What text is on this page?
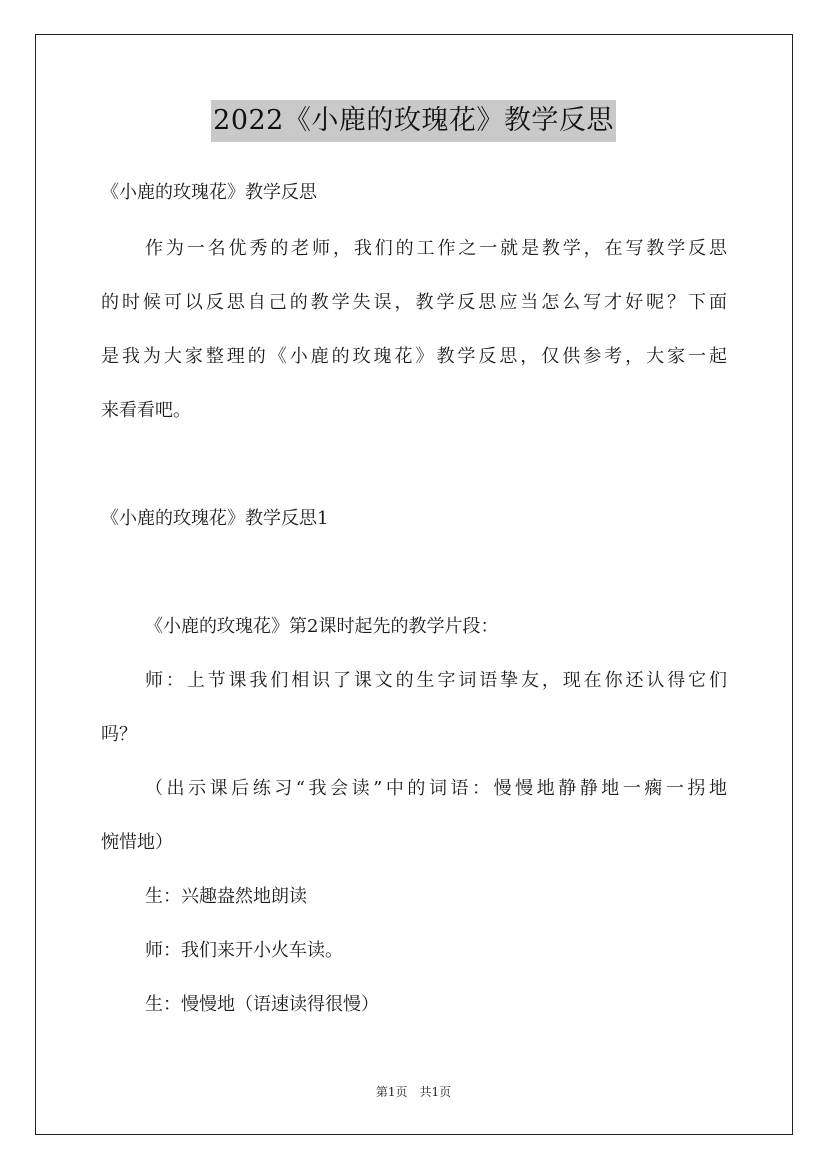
2022《小鹿的玫瑰花》教学反思
《小鹿的玫瑰花》教学反思
作为一名优秀的老师，我们的工作之一就是教学，在写教学反思
的时候可以反思自己的教学失误，教学反思应当怎么写才好呢？下面
是我为大家整理的《小鹿的玫瑰花》教学反思，仅供参考，大家一起
来看看吧。
《小鹿的玫瑰花》教学反思1
《小鹿的玫瑰花》第2课时起先的教学片段：
师：上节课我们相识了课文的生字词语挚友，现在你还认得它们
吗？
（出示课后练习“我会读”中的词语：慢慢地静静地一瘸一拐地
惋惜地）
生：兴趣盎然地朗读
师：我们来开小火车读。
生：慢慢地（语速读得很慢）
第1页　共1页
